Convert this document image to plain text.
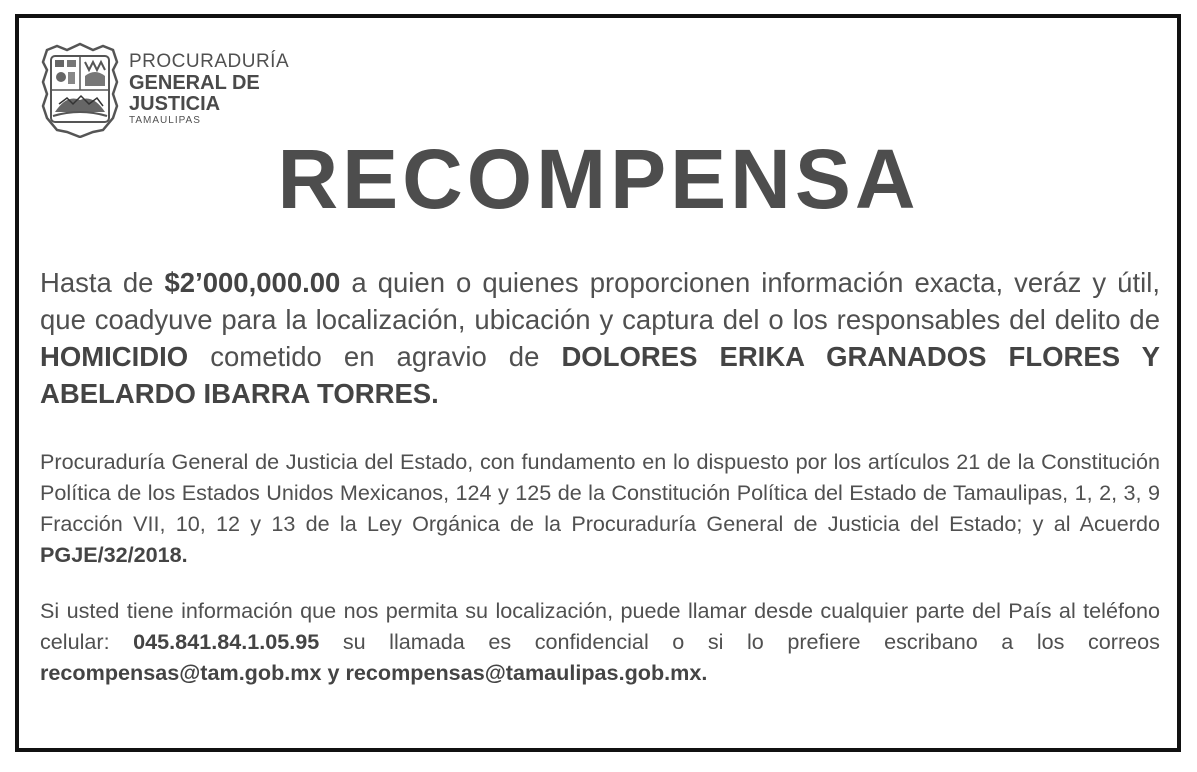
PROCURADURÍA
GENERAL DE
JUSTICIA
TAMAULIPAS
RECOMPENSA

Hasta de $2’000,000.00 a quien o quienes proporcionen información exacta, veráz y útil, que coadyuve para la localización, ubicación y captura del o los responsables del delito de HOMICIDIO cometido en agravio de DOLORES ERIKA GRANADOS FLORES Y ABELARDO IBARRA TORRES.

Procuraduría General de Justicia del Estado, con fundamento en lo dispuesto por los artículos 21 de la Constitución Política de los Estados Unidos Mexicanos, 124 y 125 de la Constitución Política del Estado de Tamaulipas, 1, 2, 3, 9 Fracción VII, 10, 12 y 13 de la Ley Orgánica de la Procuraduría General de Justicia del Estado; y al Acuerdo PGJE/32/2018.

Si usted tiene información que nos permita su localización, puede llamar desde cualquier parte del País al teléfono celular: 045.841.84.1.05.95 su llamada es confidencial o si lo prefiere escribano a los correos recompensas@tam.gob.mx y recompensas@tamaulipas.gob.mx.
